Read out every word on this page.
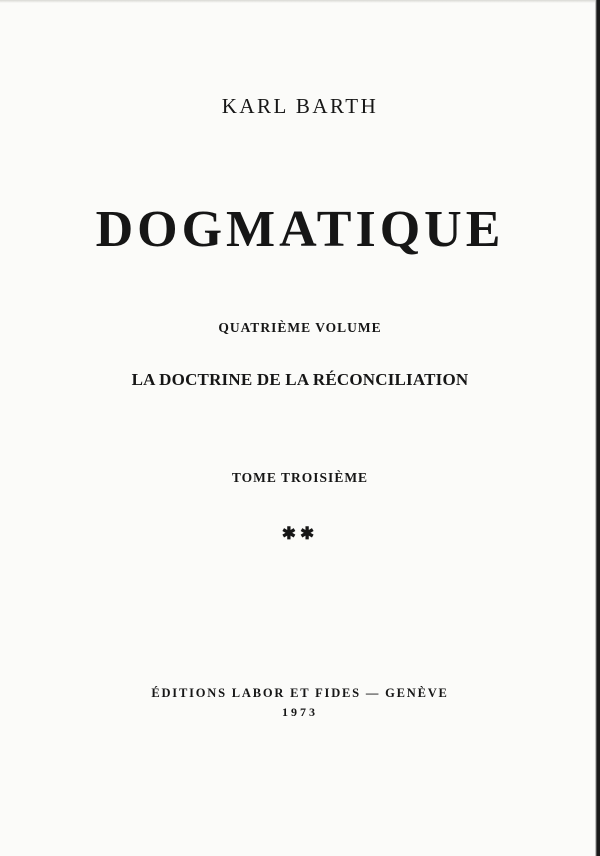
KARL BARTH
DOGMATIQUE
QUATRIÈME VOLUME
LA DOCTRINE DE LA RÉCONCILIATION
TOME TROISIÈME
✱✱
ÉDITIONS LABOR ET FIDES — GENÈVE
1973
